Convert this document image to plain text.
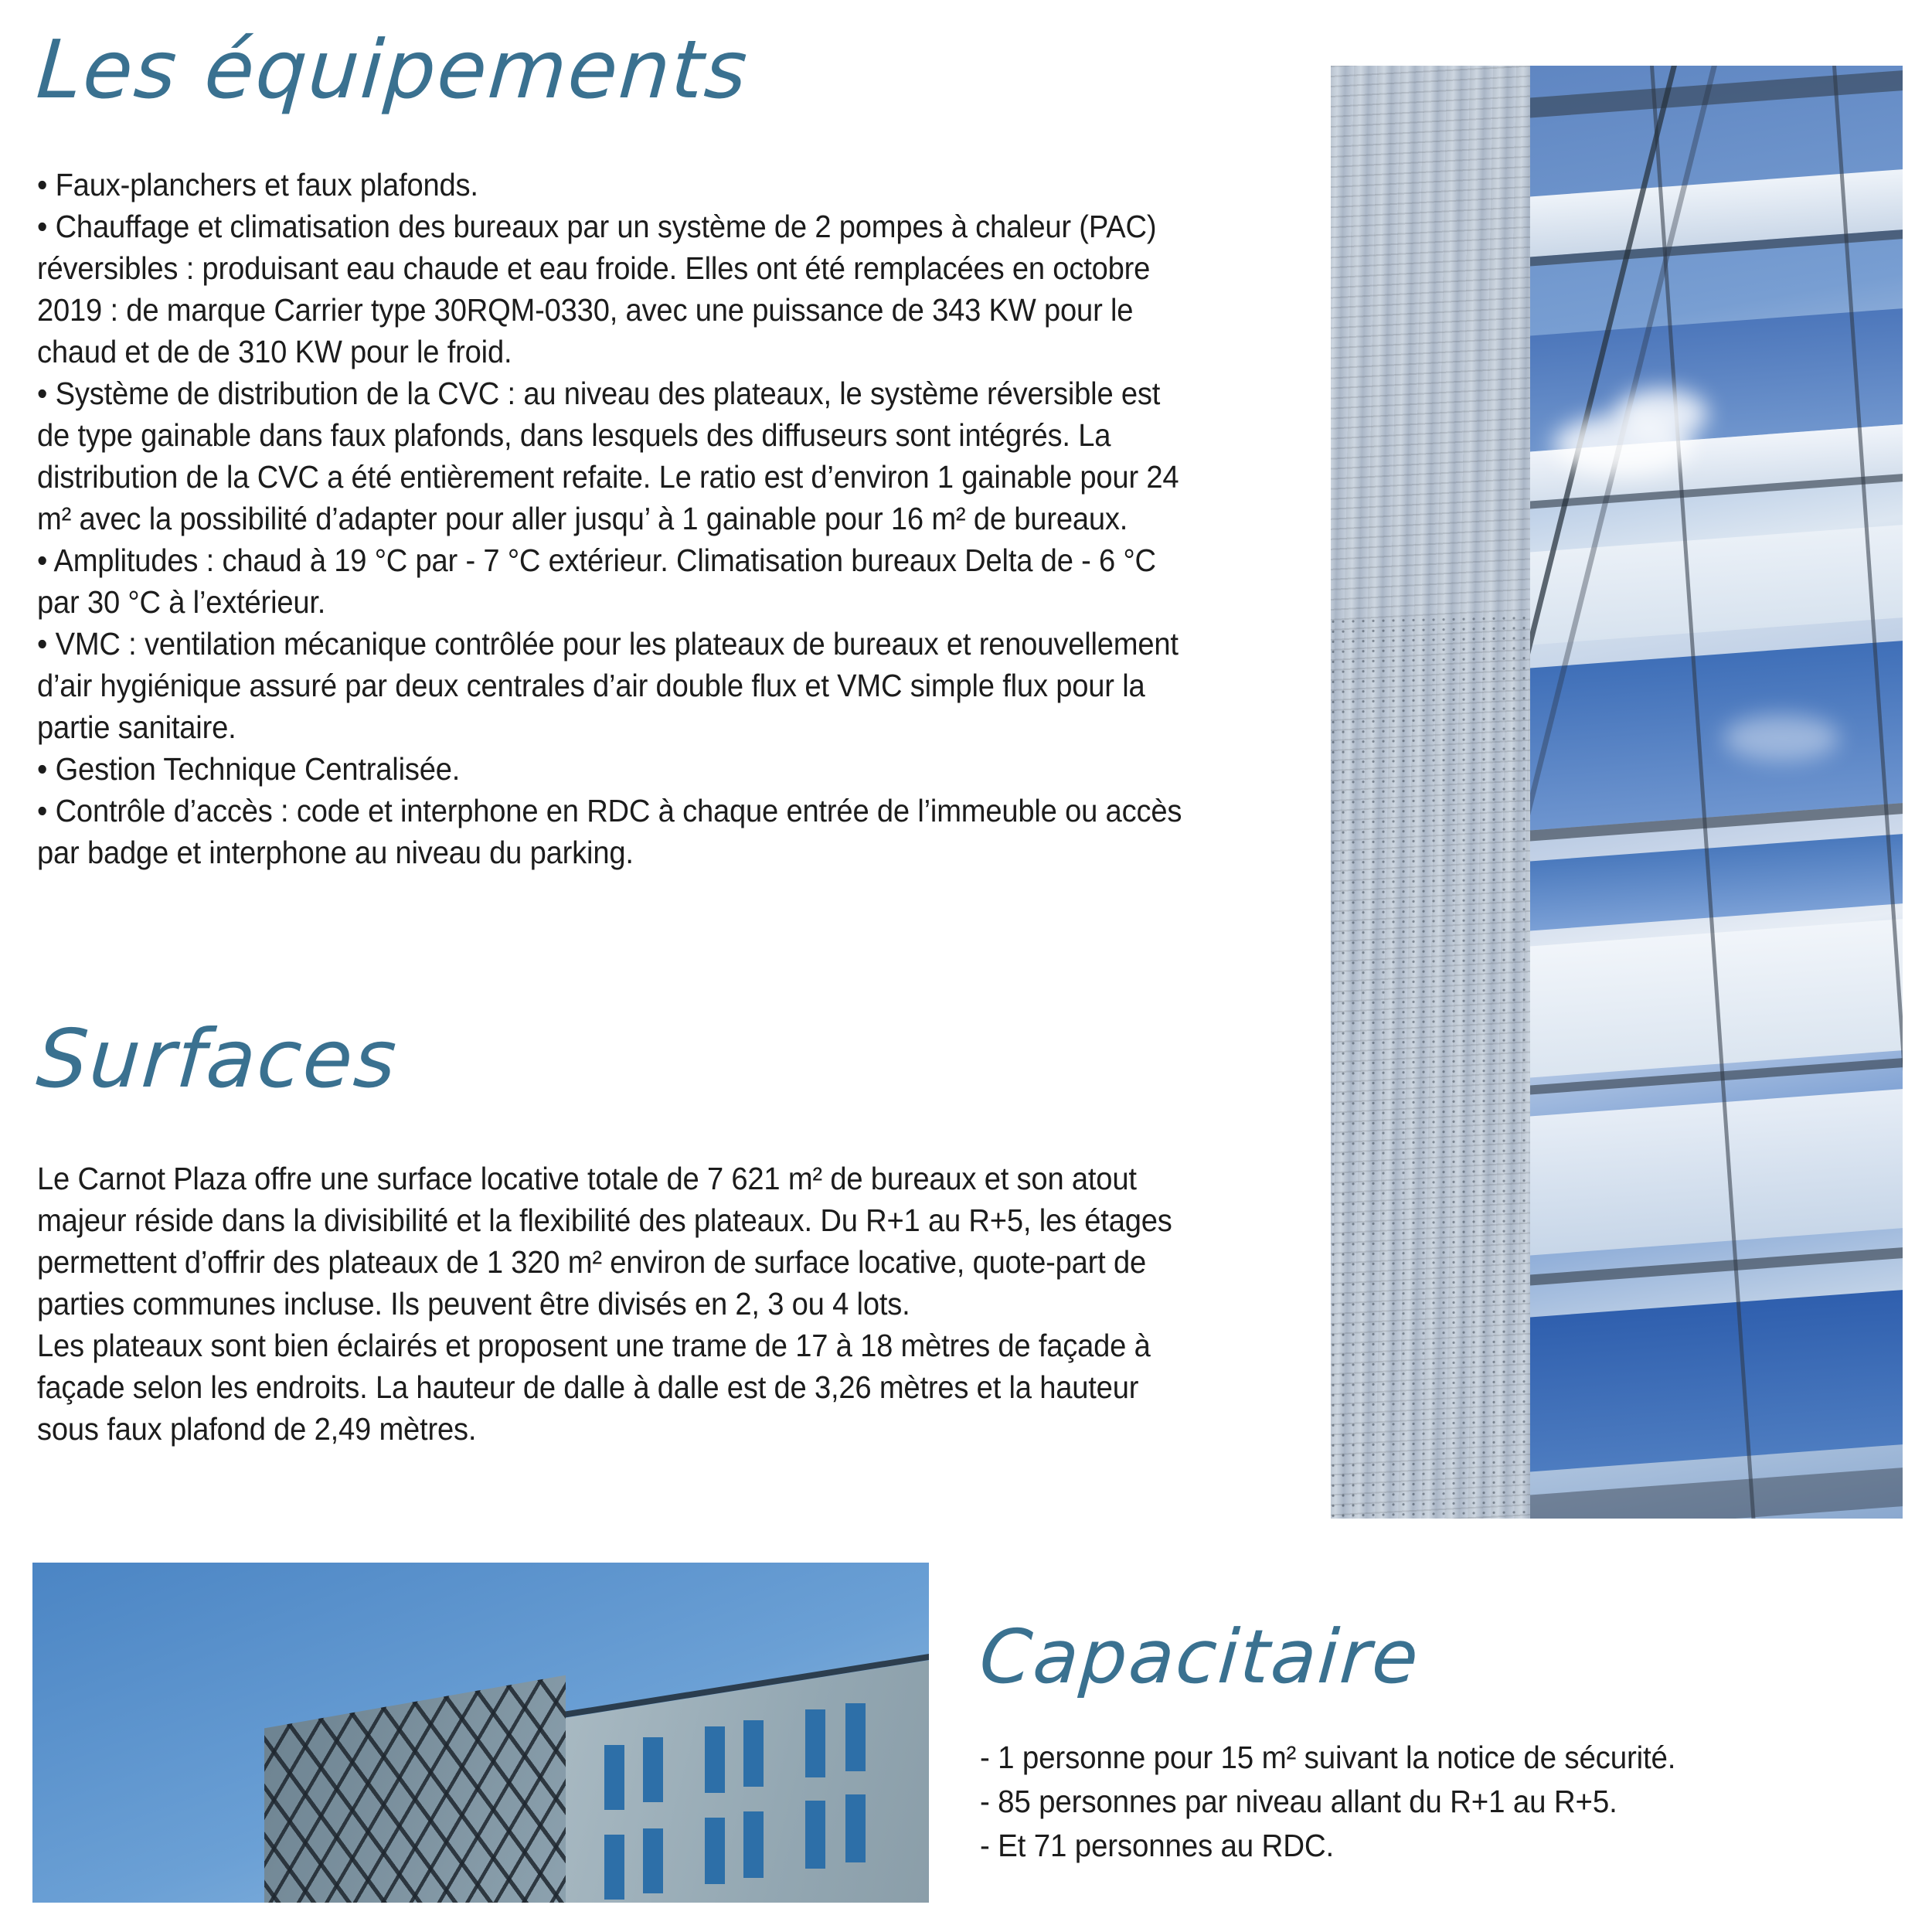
Les équipements

• Faux-planchers et faux plafonds.

• Chauffage et climatisation des bureaux par un système de 2 pompes à chaleur (PAC) réversibles : produisant eau chaude et eau froide. Elles ont été remplacées en octobre 2019 : de marque Carrier type 30RQM-0330, avec une puissance de 343 KW pour le chaud et de de 310 KW pour le froid.

• Système de distribution de la CVC : au niveau des plateaux, le système réversible est de type gainable dans faux plafonds, dans lesquels des diffuseurs sont intégrés. La distribution de la CVC a été entièrement refaite. Le ratio est d’environ 1 gainable pour 24 m² avec la possibilité d’adapter pour aller jusqu’ à 1 gainable pour 16 m² de bureaux.

• Amplitudes : chaud à 19 °C par - 7 °C extérieur. Climatisation bureaux Delta de - 6 °C par 30 °C à l’extérieur.

• VMC : ventilation mécanique contrôlée pour les plateaux de bureaux et renouvellement d’air hygiénique assuré par deux centrales d’air double flux et VMC simple flux pour la partie sanitaire.

• Gestion Technique Centralisée.

• Contrôle d’accès : code et interphone en RDC à chaque entrée de l’immeuble ou accès par badge et interphone au niveau du parking.

Surfaces

Le Carnot Plaza offre une surface locative totale de 7 621 m² de bureaux et son atout majeur réside dans la divisibilité et la flexibilité des plateaux. Du R+1 au R+5, les étages permettent d’offrir des plateaux de 1 320 m² environ de surface locative, quote-part de parties communes incluse. Ils peuvent être divisés en 2, 3 ou 4 lots.

Les plateaux sont bien éclairés et proposent une trame de 17 à 18 mètres de façade à façade selon les endroits. La hauteur de dalle à dalle est de 3,26 mètres et la hauteur sous faux plafond de 2,49 mètres.

Capacitaire

- 1 personne pour 15 m² suivant la notice de sécurité.

- 85 personnes par niveau allant du R+1 au R+5.

- Et 71 personnes au RDC.
